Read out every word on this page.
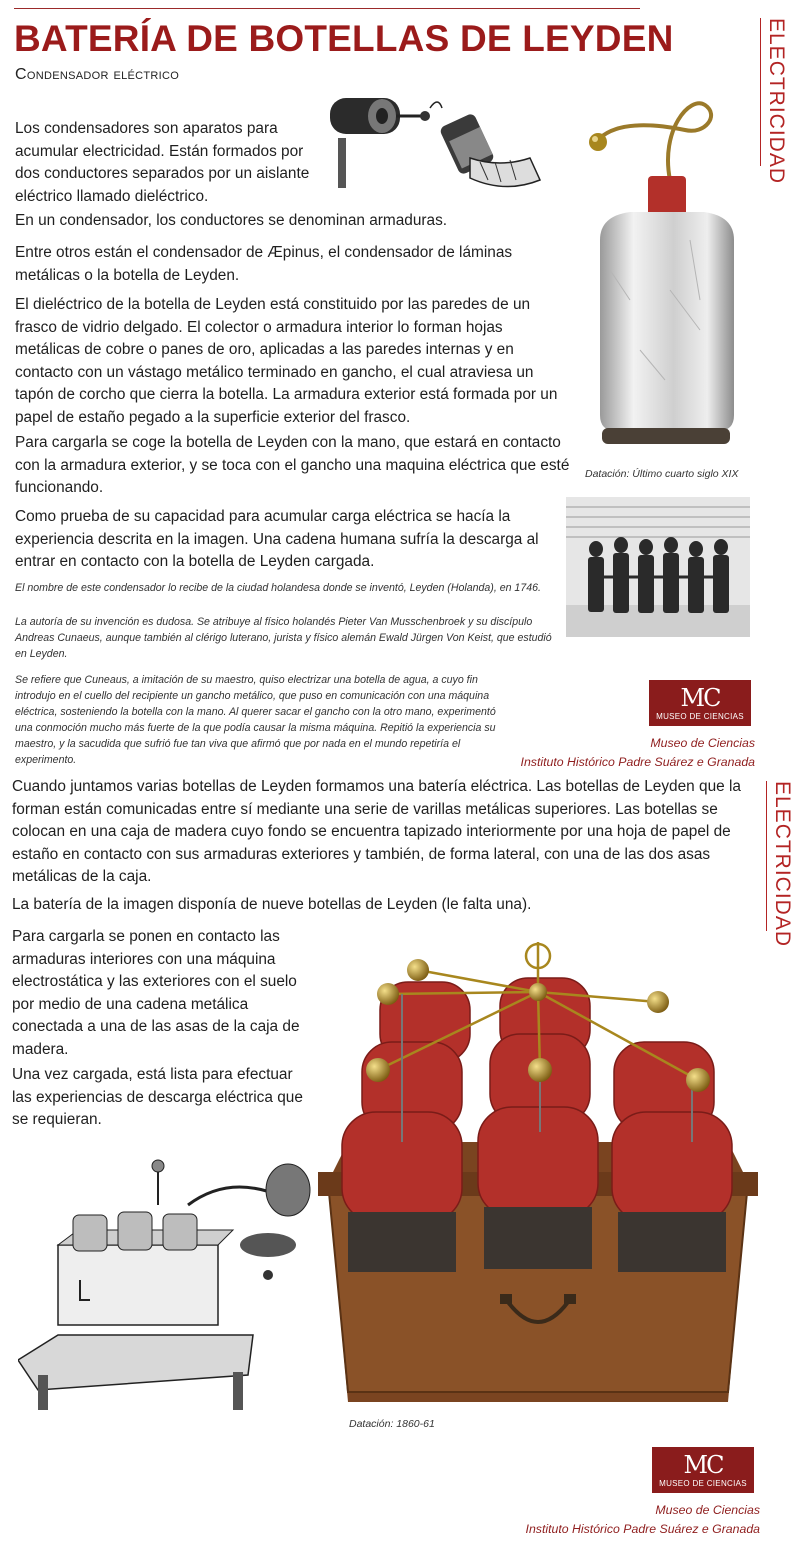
BATERÍA DE BOTELLAS DE LEYDEN
Condensador eléctrico	ELECTRICIDAD
ELECTRICIDAD
Datación: Último cuarto siglo XIX
Los condensadores son aparatos para acumular electricidad. Están formados por dos conductores separados por un aislante eléctrico llamado dieléctrico.
En un condensador, los conductores se denominan armaduras.
Entre otros están el condensador de Æpinus, el condensador de láminas metálicas o la botella de Leyden.
El dieléctrico de la botella de Leyden está constituido por las paredes de un frasco de vidrio delgado. El colector o armadura interior lo forman hojas metálicas de cobre o panes de oro, aplicadas a las paredes internas y en contacto con un vástago metálico terminado en gancho, el cual atraviesa un tapón de corcho que cierra la botella. La armadura exterior está formada por un papel de estaño pegado a la superficie exterior del frasco.
Para cargarla se coge la botella de Leyden con la mano, que estará en contacto con la armadura exterior, y se toca con el gancho una maquina eléctrica que esté funcionando.
Como prueba de su capacidad para acumular carga eléctrica se hacía la experiencia descrita en la imagen. Una cadena humana sufría la descarga al entrar en contacto con la botella de Leyden cargada.
El nombre de este condensador lo recibe de la ciudad holandesa donde se inventó, Leyden (Holanda), en 1746.
La autoría de su invención es dudosa. Se atribuye al físico holandés Pieter Van Musschenbroek y su discípulo Andreas Cunaeus, aunque también al clérigo luterano, jurista y físico alemán Ewald Jürgen Von Keist, que estudió en Leyden.
Se refiere que Cuneaus, a imitación de su maestro, quiso electrizar una botella de agua, a cuyo fin introdujo en el cuello del recipiente un gancho metálico, que puso en comunicación con una máquina eléctrica, sosteniendo la botella con la mano. Al querer sacar el gancho con la otro mano, experimentó una conmoción mucho más fuerte de la que podía causar la misma máquina. Repitió la experiencia su maestro, y la sacudida que sufrió fue tan viva que afirmó que por nada en el mundo repetiría el experimento.
MC
MUSEO DE CIENCIAS
Museo de Ciencias
Instituto Histórico Padre Suárez e Granada
Cuando juntamos varias botellas de Leyden formamos una batería eléctrica. Las botellas de Leyden que la forman están comunicadas entre sí mediante una serie de varillas metálicas superiores. Las botellas se colocan en una caja de madera cuyo fondo se encuentra tapizado interiormente por una hoja de papel de estaño en contacto con sus armaduras exteriores y también, de forma lateral, con una de las dos asas metálicas de la caja.
La batería de la imagen disponía de nueve botellas de Leyden (le falta una).
Para cargarla se ponen en contacto las armaduras interiores con una máquina electrostática y las exteriores con el suelo por medio de una cadena metálica conectada a una de las asas de la caja de madera.
Una vez cargada, está lista para efectuar las experiencias de descarga eléctrica que se requieran.
Datación: 1860-61
MC
MUSEO DE CIENCIAS
Museo de Ciencias
Instituto Histórico Padre Suárez e Granada
